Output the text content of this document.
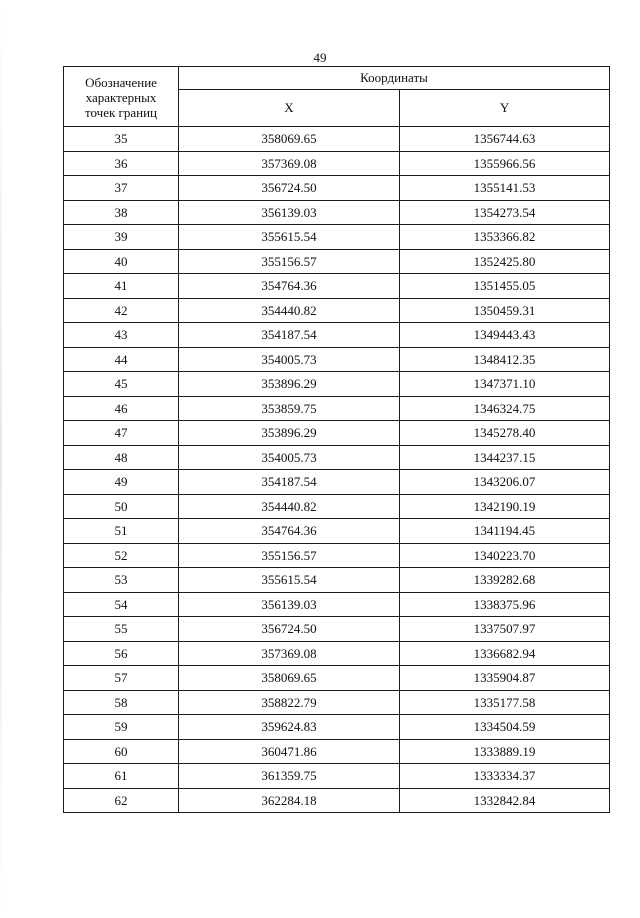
49
Обозначение
характерных
точек границ	Координаты	
	X	Y
35	358069.65	1356744.63
36	357369.08	1355966.56
37	356724.50	1355141.53
38	356139.03	1354273.54
39	355615.54	1353366.82
40	355156.57	1352425.80
41	354764.36	1351455.05
42	354440.82	1350459.31
43	354187.54	1349443.43
44	354005.73	1348412.35
45	353896.29	1347371.10
46	353859.75	1346324.75
47	353896.29	1345278.40
48	354005.73	1344237.15
49	354187.54	1343206.07
50	354440.82	1342190.19
51	354764.36	1341194.45
52	355156.57	1340223.70
53	355615.54	1339282.68
54	356139.03	1338375.96
55	356724.50	1337507.97
56	357369.08	1336682.94
57	358069.65	1335904.87
58	358822.79	1335177.58
59	359624.83	1334504.59
60	360471.86	1333889.19
61	361359.75	1333334.37
62	362284.18	1332842.84
